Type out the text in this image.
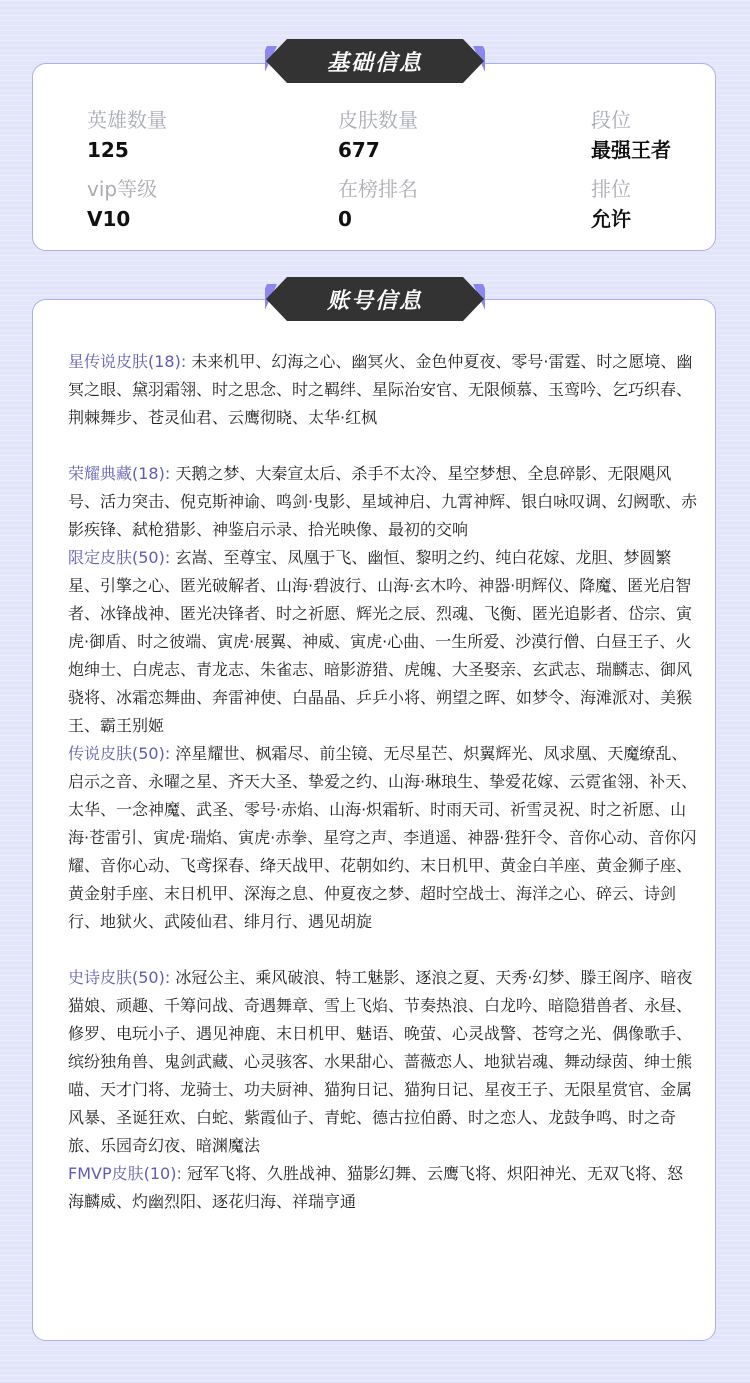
英雄数量
125
皮肤数量
677
段位
最强王者
vip等级
V10
在榜排名
0
排位
允许
基础信息

星传说皮肤(18): 未来机甲、幻海之心、幽冥火、金色仲夏夜、零号·雷霆、时之愿境、幽冥之眼、黛羽霜翎、时之思念、时之羁绊、星际治安官、无限倾慕、玉鸾吟、乞巧织春、荆棘舞步、苍灵仙君、云鹰彻晓、太华·红枫

荣耀典藏(18): 天鹅之梦、大秦宣太后、杀手不太冷、星空梦想、全息碎影、无限飓风号、活力突击、倪克斯神谕、鸣剑·曳影、星域神启、九霄神辉、银白咏叹调、幻阙歌、赤影疾锋、弑枪猎影、神鉴启示录、拾光映像、最初的交响

限定皮肤(50): 玄嵩、至尊宝、凤凰于飞、幽恒、黎明之约、纯白花嫁、龙胆、梦圆繁星、引擎之心、匿光破解者、山海·碧波行、山海·玄木吟、神器·明辉仪、降魔、匿光启智者、冰锋战神、匿光决锋者、时之祈愿、辉光之辰、烈魂、飞衡、匿光追影者、岱宗、寅虎·御盾、时之彼端、寅虎·展翼、神威、寅虎·心曲、一生所爱、沙漠行僧、白昼王子、火炮绅士、白虎志、青龙志、朱雀志、暗影游猎、虎魄、大圣娶亲、玄武志、瑞麟志、御风骁将、冰霜恋舞曲、奔雷神使、白晶晶、乒乒小将、朔望之晖、如梦令、海滩派对、美猴王、霸王别姬

传说皮肤(50): 淬星耀世、枫霜尽、前尘镜、无尽星芒、炽翼辉光、凤求凰、天魔缭乱、启示之音、永曜之星、齐天大圣、挚爱之约、山海·琳琅生、挚爱花嫁、云霓雀翎、补天、太华、一念神魔、武圣、零号·赤焰、山海·炽霜斩、时雨天司、祈雪灵祝、时之祈愿、山海·苍雷引、寅虎·瑞焰、寅虎·赤拳、星穹之声、李逍遥、神器·狴犴令、音你心动、音你闪耀、音你心动、飞鸢探春、绛天战甲、花朝如约、末日机甲、黄金白羊座、黄金狮子座、黄金射手座、末日机甲、深海之息、仲夏夜之梦、超时空战士、海洋之心、碎云、诗剑行、地狱火、武陵仙君、绯月行、遇见胡旋

史诗皮肤(50): 冰冠公主、乘风破浪、特工魅影、逐浪之夏、天秀·幻梦、滕王阁序、暗夜猫娘、顽趣、千筹问战、奇遇舞章、雪上飞焰、节奏热浪、白龙吟、暗隐猎兽者、永昼、修罗、电玩小子、遇见神鹿、末日机甲、魅语、晚萤、心灵战警、苍穹之光、偶像歌手、缤纷独角兽、鬼剑武藏、心灵骇客、水果甜心、蔷薇恋人、地狱岩魂、舞动绿茵、绅士熊喵、天才门将、龙骑士、功夫厨神、猫狗日记、猫狗日记、星夜王子、无限星赏官、金属风暴、圣诞狂欢、白蛇、紫霞仙子、青蛇、德古拉伯爵、时之恋人、龙鼓争鸣、时之奇旅、乐园奇幻夜、暗渊魔法

FMVP皮肤(10): 冠军飞将、久胜战神、猫影幻舞、云鹰飞将、炽阳神光、无双飞将、怒海麟威、灼幽烈阳、逐花归海、祥瑞亨通

账号信息
